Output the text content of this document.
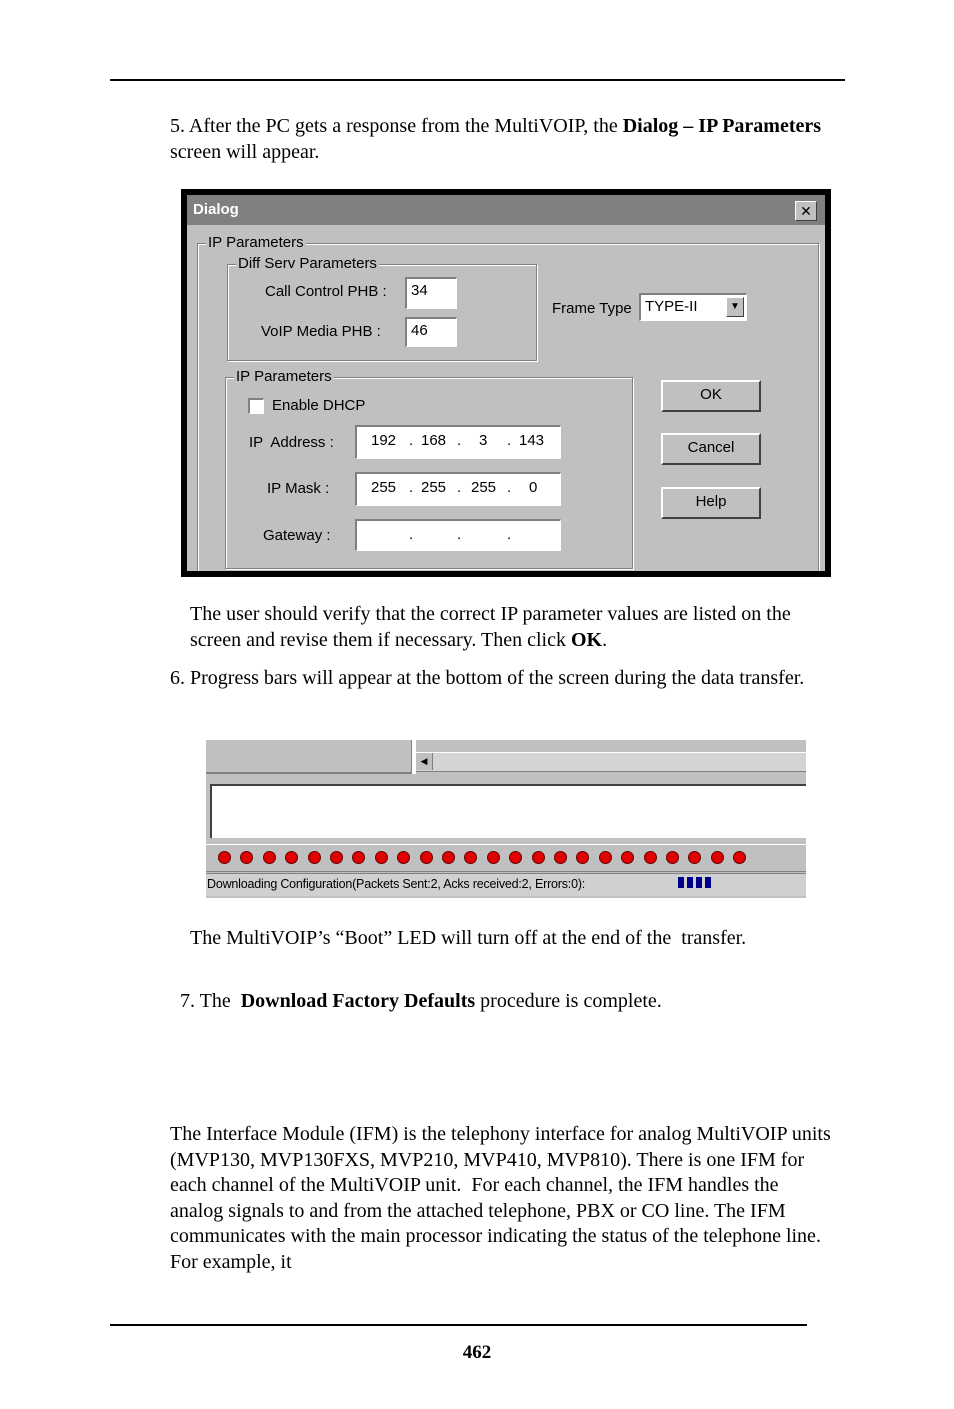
5. After the PC gets a response from the MultiVOIP, the Dialog – IP Parameters screen will appear.
Dialog	✕
IP Parameters
Diff Serv Parameters
Call Control PHB :	34
VoIP Media PHB :	46
Frame Type TYPE-II	▼
IP Parameters
Enable DHCP
IP  Address : 192 . 168 . 3 . 143
IP Mask :	255 . 255 . 255 . 0
Gateway :	.	.	.
OK
Cancel
Help
The user should verify that the correct IP parameter values are listed on the screen and revise them if necessary. Then click OK.
6. Progress bars will appear at the bottom of the screen during the data transfer.
◀
Downloading Configuration(Packets Sent:2, Acks received:2, Errors:0):
The MultiVOIP’s “Boot” LED will turn off at the end of the  transfer.

7. The  Download Factory Defaults procedure is complete.

The Interface Module (IFM) is the telephony interface for analog MultiVOIP units (MVP130, MVP130FXS, MVP210, MVP410, MVP810). There is one IFM for each channel of the MultiVOIP unit.  For each channel, the IFM handles the analog signals to and from the attached telephone, PBX or CO line. The IFM communicates with the main processor indicating the status of the telephone line.  For example, it
462
